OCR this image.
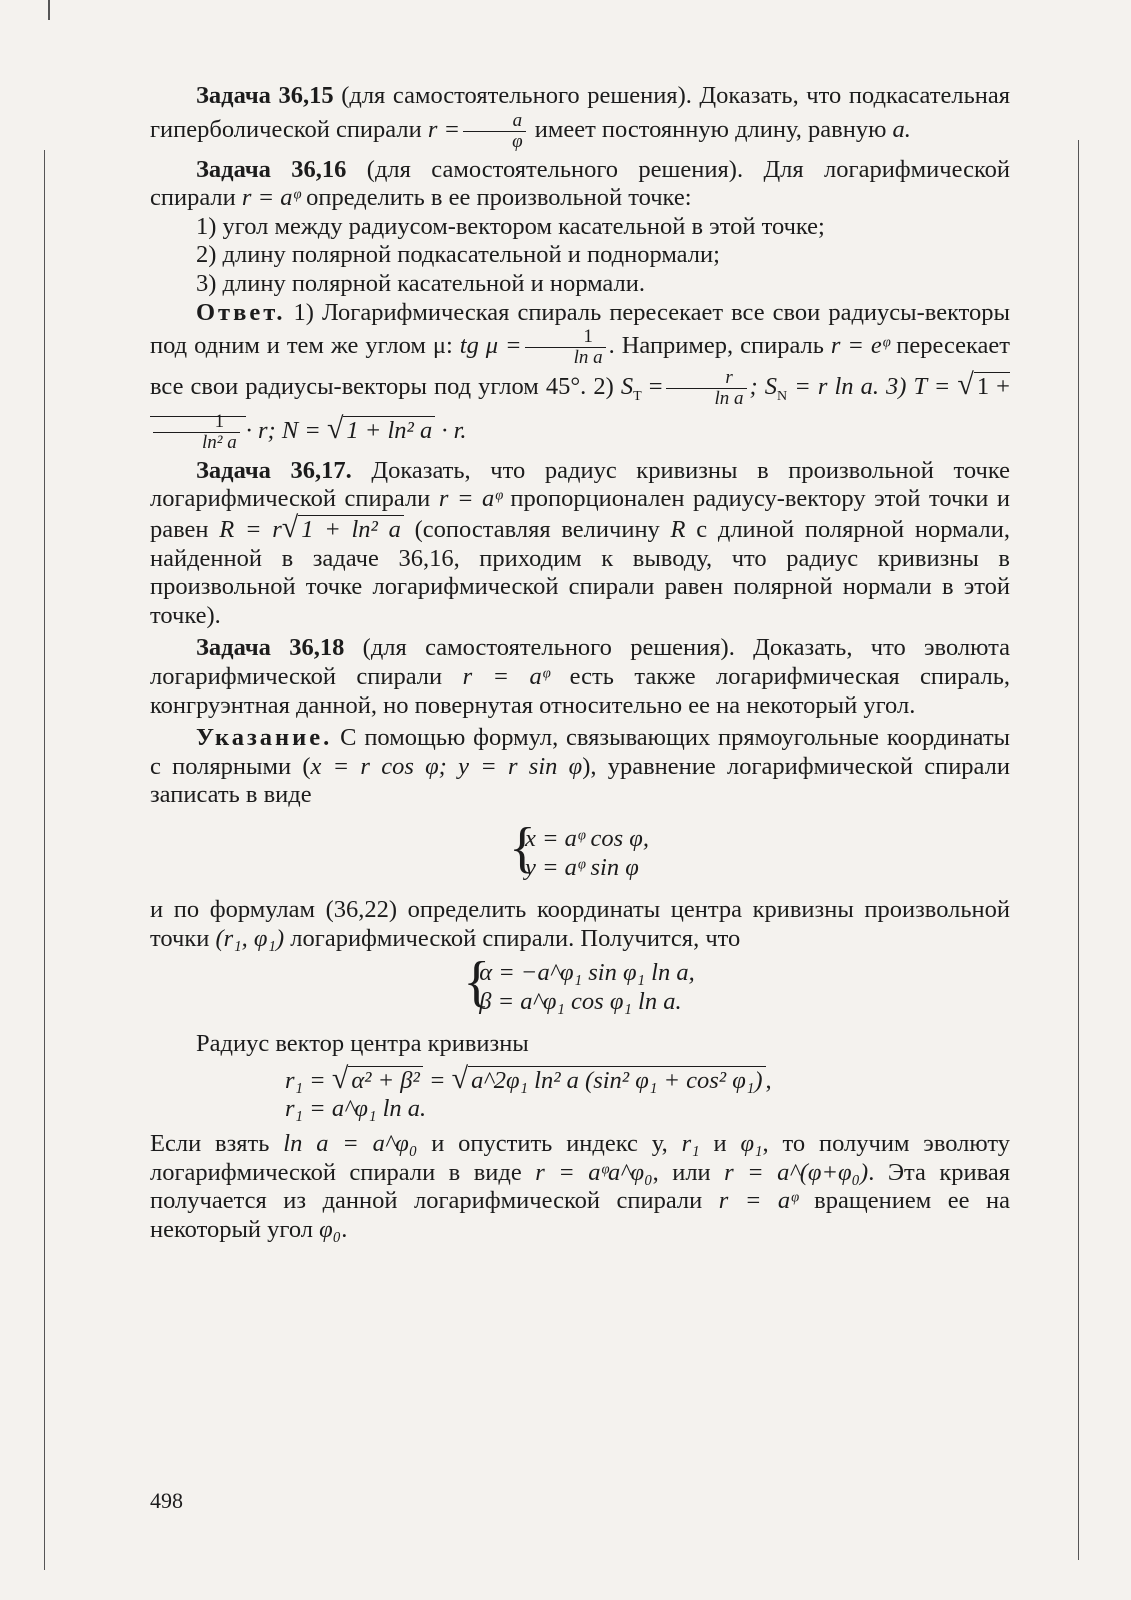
Задача 36,15 (для самостоятельного решения). Доказать, что подкасательная гиперболической спирали $r = \frac{a}{\varphi}$ имеет постоянную длину, равную a.

Задача 36,16 (для самостоятельного решения). Для логарифмической спирали r = aᵠ определить в ее произвольной точке:

1) угол между радиусом-вектором касательной в этой точке;

2) длину полярной подкасательной и поднормали;

3) длину полярной касательной и нормали.

Ответ. 1) Логарифмическая спираль пересекает все свои радиусы-векторы под одним и тем же углом μ: tg $\mu = \frac{1}{\text{ln a}}$ . Например, спираль r = eᵠ пересекает все свои радиусы-векторы под углом 45°. 2) $S_T = \frac{r}{\text{ln a}}$ ; $S_N = r$ ln a. 3) T = √ 1 +
$\frac{1}{\text{ln² a}} \cdot r$; N = √ 1 + ln² a · r.

Задача 36,17. Доказать, что радиус кривизны в произвольной точке логарифмической спирали r = aᵠ пропорционален радиусу-вектору этой точки и равен R = r√ 1 + ln² a (сопоставляя величину R с длиной полярной нормали, найденной в задаче 36,16, приходим к выводу, что радиус кривизны в произвольной точке логарифмической спирали равен полярной нормали в этой точке).

Задача 36,18 (для самостоятельного решения). Доказать, что эволюта логарифмической спирали r = aᵠ есть также логарифмическая спираль, конгруэнтная данной, но повернутая относительно ее на некоторый угол.

Указание. С помощью формул, связывающих прямоугольные координаты с полярными (x = r cos φ; y = r sin φ), уравнение логарифмической спирали записать в виде

{
x = aᵠ cos φ,
y = aᵠ sin φ

и по формулам (36,22) определить координаты центра кривизны произвольной точки (r₁, φ₁) логарифмической спирали. Получится, что

{
α = −a^φ₁ sin φ₁ ln a,
β = a^φ₁ cos φ₁ ln a.

Радиус вектор центра кривизны

r₁ = √ α² + β² = √ a^2φ₁ ln² a (sin² φ₁ + cos² φ₁) ,
r₁ = a^φ₁ ln a.

Если взять ln a = a^φ₀ и опустить индекс у, r₁ и φ₁, то получим эволюту логарифмической спирали в виде r = aᵠa^φ₀, или r = a^(φ+φ₀). Эта кривая получается из данной логарифмической спирали r = aᵠ вращением ее на некоторый угол φ₀.

498
